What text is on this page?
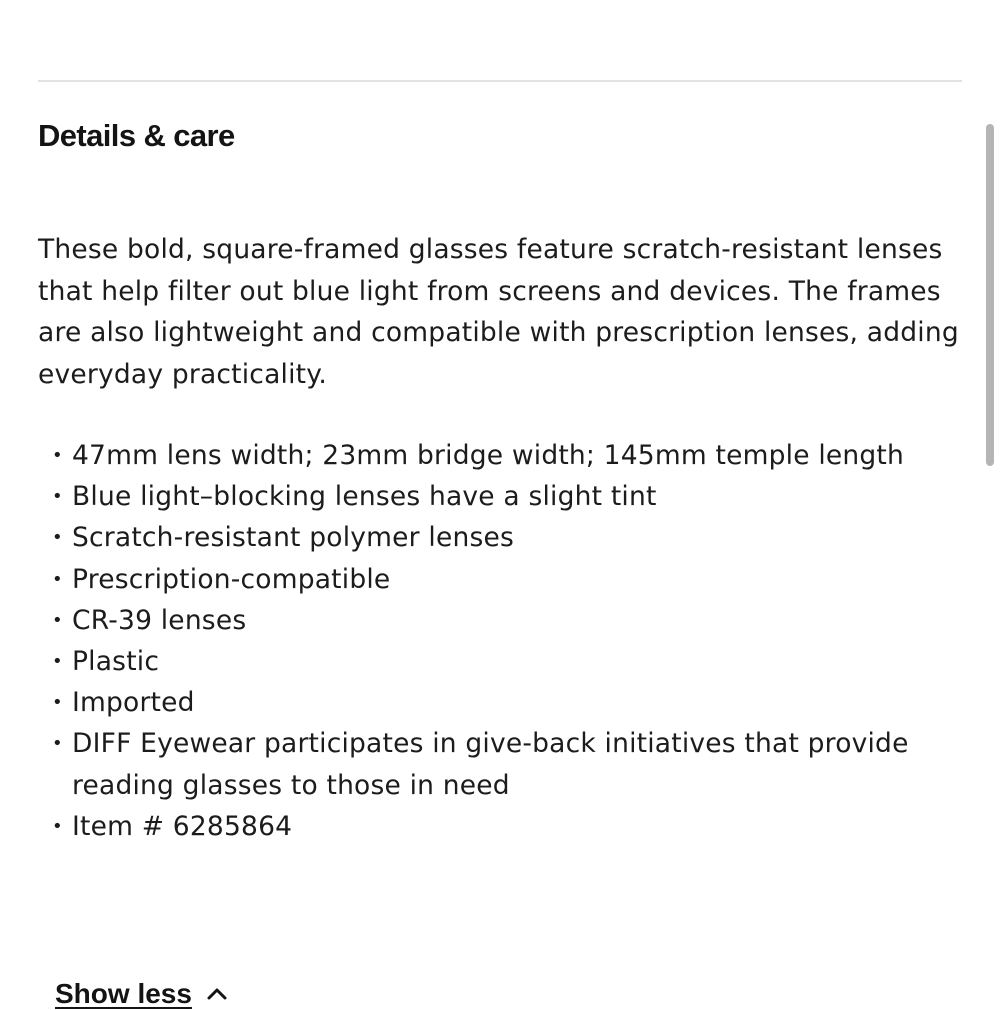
Details & care

These bold, square-framed glasses feature scratch-resistant lenses that help filter out blue light from screens and devices. The frames are also lightweight and compatible with prescription lenses, adding everyday practicality.

• 47mm lens width; 23mm bridge width; 145mm temple length
• Blue light–blocking lenses have a slight tint
• Scratch-resistant polymer lenses
• Prescription-compatible
• CR-39 lenses
• Plastic
• Imported
• DIFF Eyewear participates in give-back initiatives that provide reading glasses to those in need
• Item # 6285864
Show less
